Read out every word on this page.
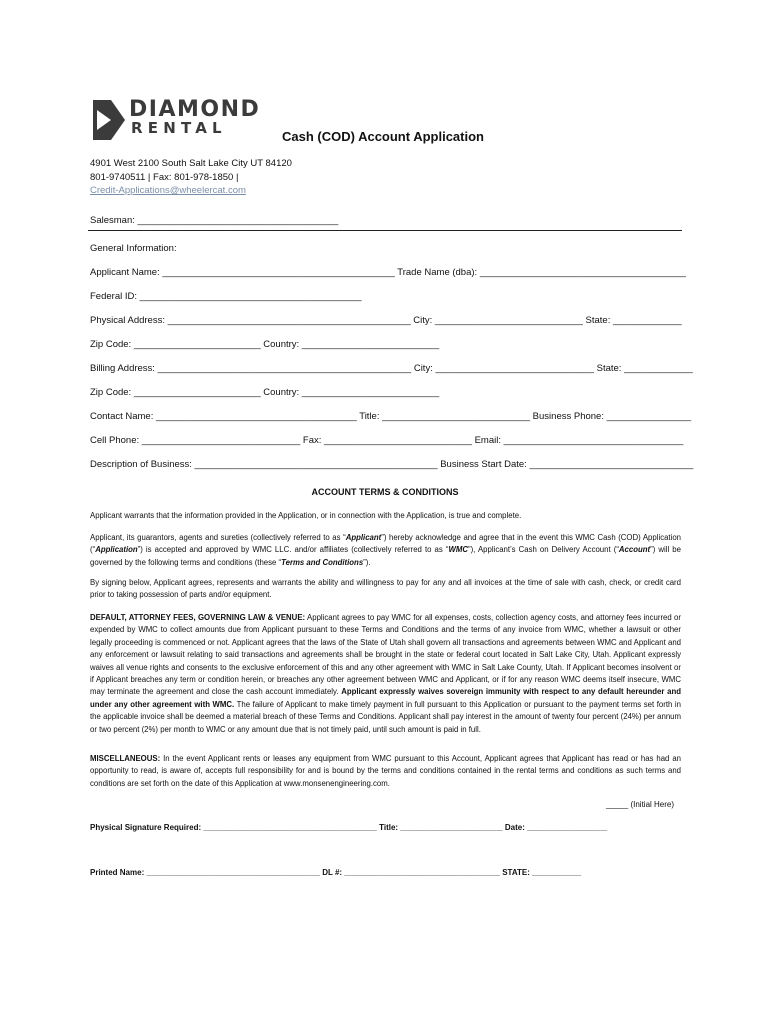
DIAMOND
RENTAL	Cash (COD) Account Application
4901 West 2100 South Salt Lake City UT 84120
801-9740511 | Fax: 801-978-1850 |
Credit-Applications@wheelercat.com
Salesman: ______________________________________
General Information:
Applicant Name: ____________________________________________ Trade Name (dba): _______________________________________
Federal ID: __________________________________________
Physical Address: ______________________________________________ City: ____________________________ State: _____________
Zip Code: ________________________ Country: __________________________
Billing Address: ________________________________________________ City: ______________________________ State: _____________
Zip Code: ________________________ Country: __________________________
Contact Name: ______________________________________ Title: ____________________________ Business Phone: ________________
Cell Phone: ______________________________ Fax: ____________________________ Email: __________________________________
Description of Business: ______________________________________________ Business Start Date: _______________________________
ACCOUNT TERMS & CONDITIONS
Applicant warrants that the information provided in the Application, or in connection with the Application, is true and complete.
Applicant, its guarantors, agents and sureties (collectively referred to as “Applicant”) hereby acknowledge and agree that in the event this WMC Cash (COD) Application (“Application”) is accepted and approved by WMC LLC. and/or affiliates (collectively referred to as “WMC”), Applicant’s Cash on Delivery Account (“Account”) will be governed by the following terms and conditions (these “Terms and Conditions”).
By signing below, Applicant agrees, represents and warrants the ability and willingness to pay for any and all invoices at the time of sale with cash, check, or credit card prior to taking possession of parts and/or equipment.
DEFAULT, ATTORNEY FEES, GOVERNING LAW & VENUE: Applicant agrees to pay WMC for all expenses, costs, collection agency costs, and attorney fees incurred or expended by WMC to collect amounts due from Applicant pursuant to these Terms and Conditions and the terms of any invoice from WMC, whether a lawsuit or other legally proceeding is commenced or not. Applicant agrees that the laws of the State of Utah shall govern all transactions and agreements between WMC and Applicant and any enforcement or lawsuit relating to said transactions and agreements shall be brought in the state or federal court located in Salt Lake City, Utah. Applicant expressly waives all venue rights and consents to the exclusive enforcement of this and any other agreement with WMC in Salt Lake County, Utah. If Applicant becomes insolvent or if Applicant breaches any term or condition herein, or breaches any other agreement between WMC and Applicant, or if for any reason WMC deems itself insecure, WMC may terminate the agreement and close the cash account immediately. Applicant expressly waives sovereign immunity with respect to any default hereunder and under any other agreement with WMC. The failure of Applicant to make timely payment in full pursuant to this Application or pursuant to the payment terms set forth in the applicable invoice shall be deemed a material breach of these Terms and Conditions. Applicant shall pay interest in the amount of twenty four percent (24%) per annum or two percent (2%) per month to WMC or any amount due that is not timely paid, until such amount is paid in full.
MISCELLANEOUS: In the event Applicant rents or leases any equipment from WMC pursuant to this Account, Applicant agrees that Applicant has read or has had an opportunity to read, is aware of, accepts full responsibility for and is bound by the terms and conditions contained in the rental terms and conditions as such terms and conditions are set forth on the date of this Application at www.monsenengineering.com.
_____ (Initial Here)
Physical Signature Required: _______________________________________ Title: _______________________ Date: __________________
Printed Name: _______________________________________ DL #: ___________________________________ STATE: ___________
